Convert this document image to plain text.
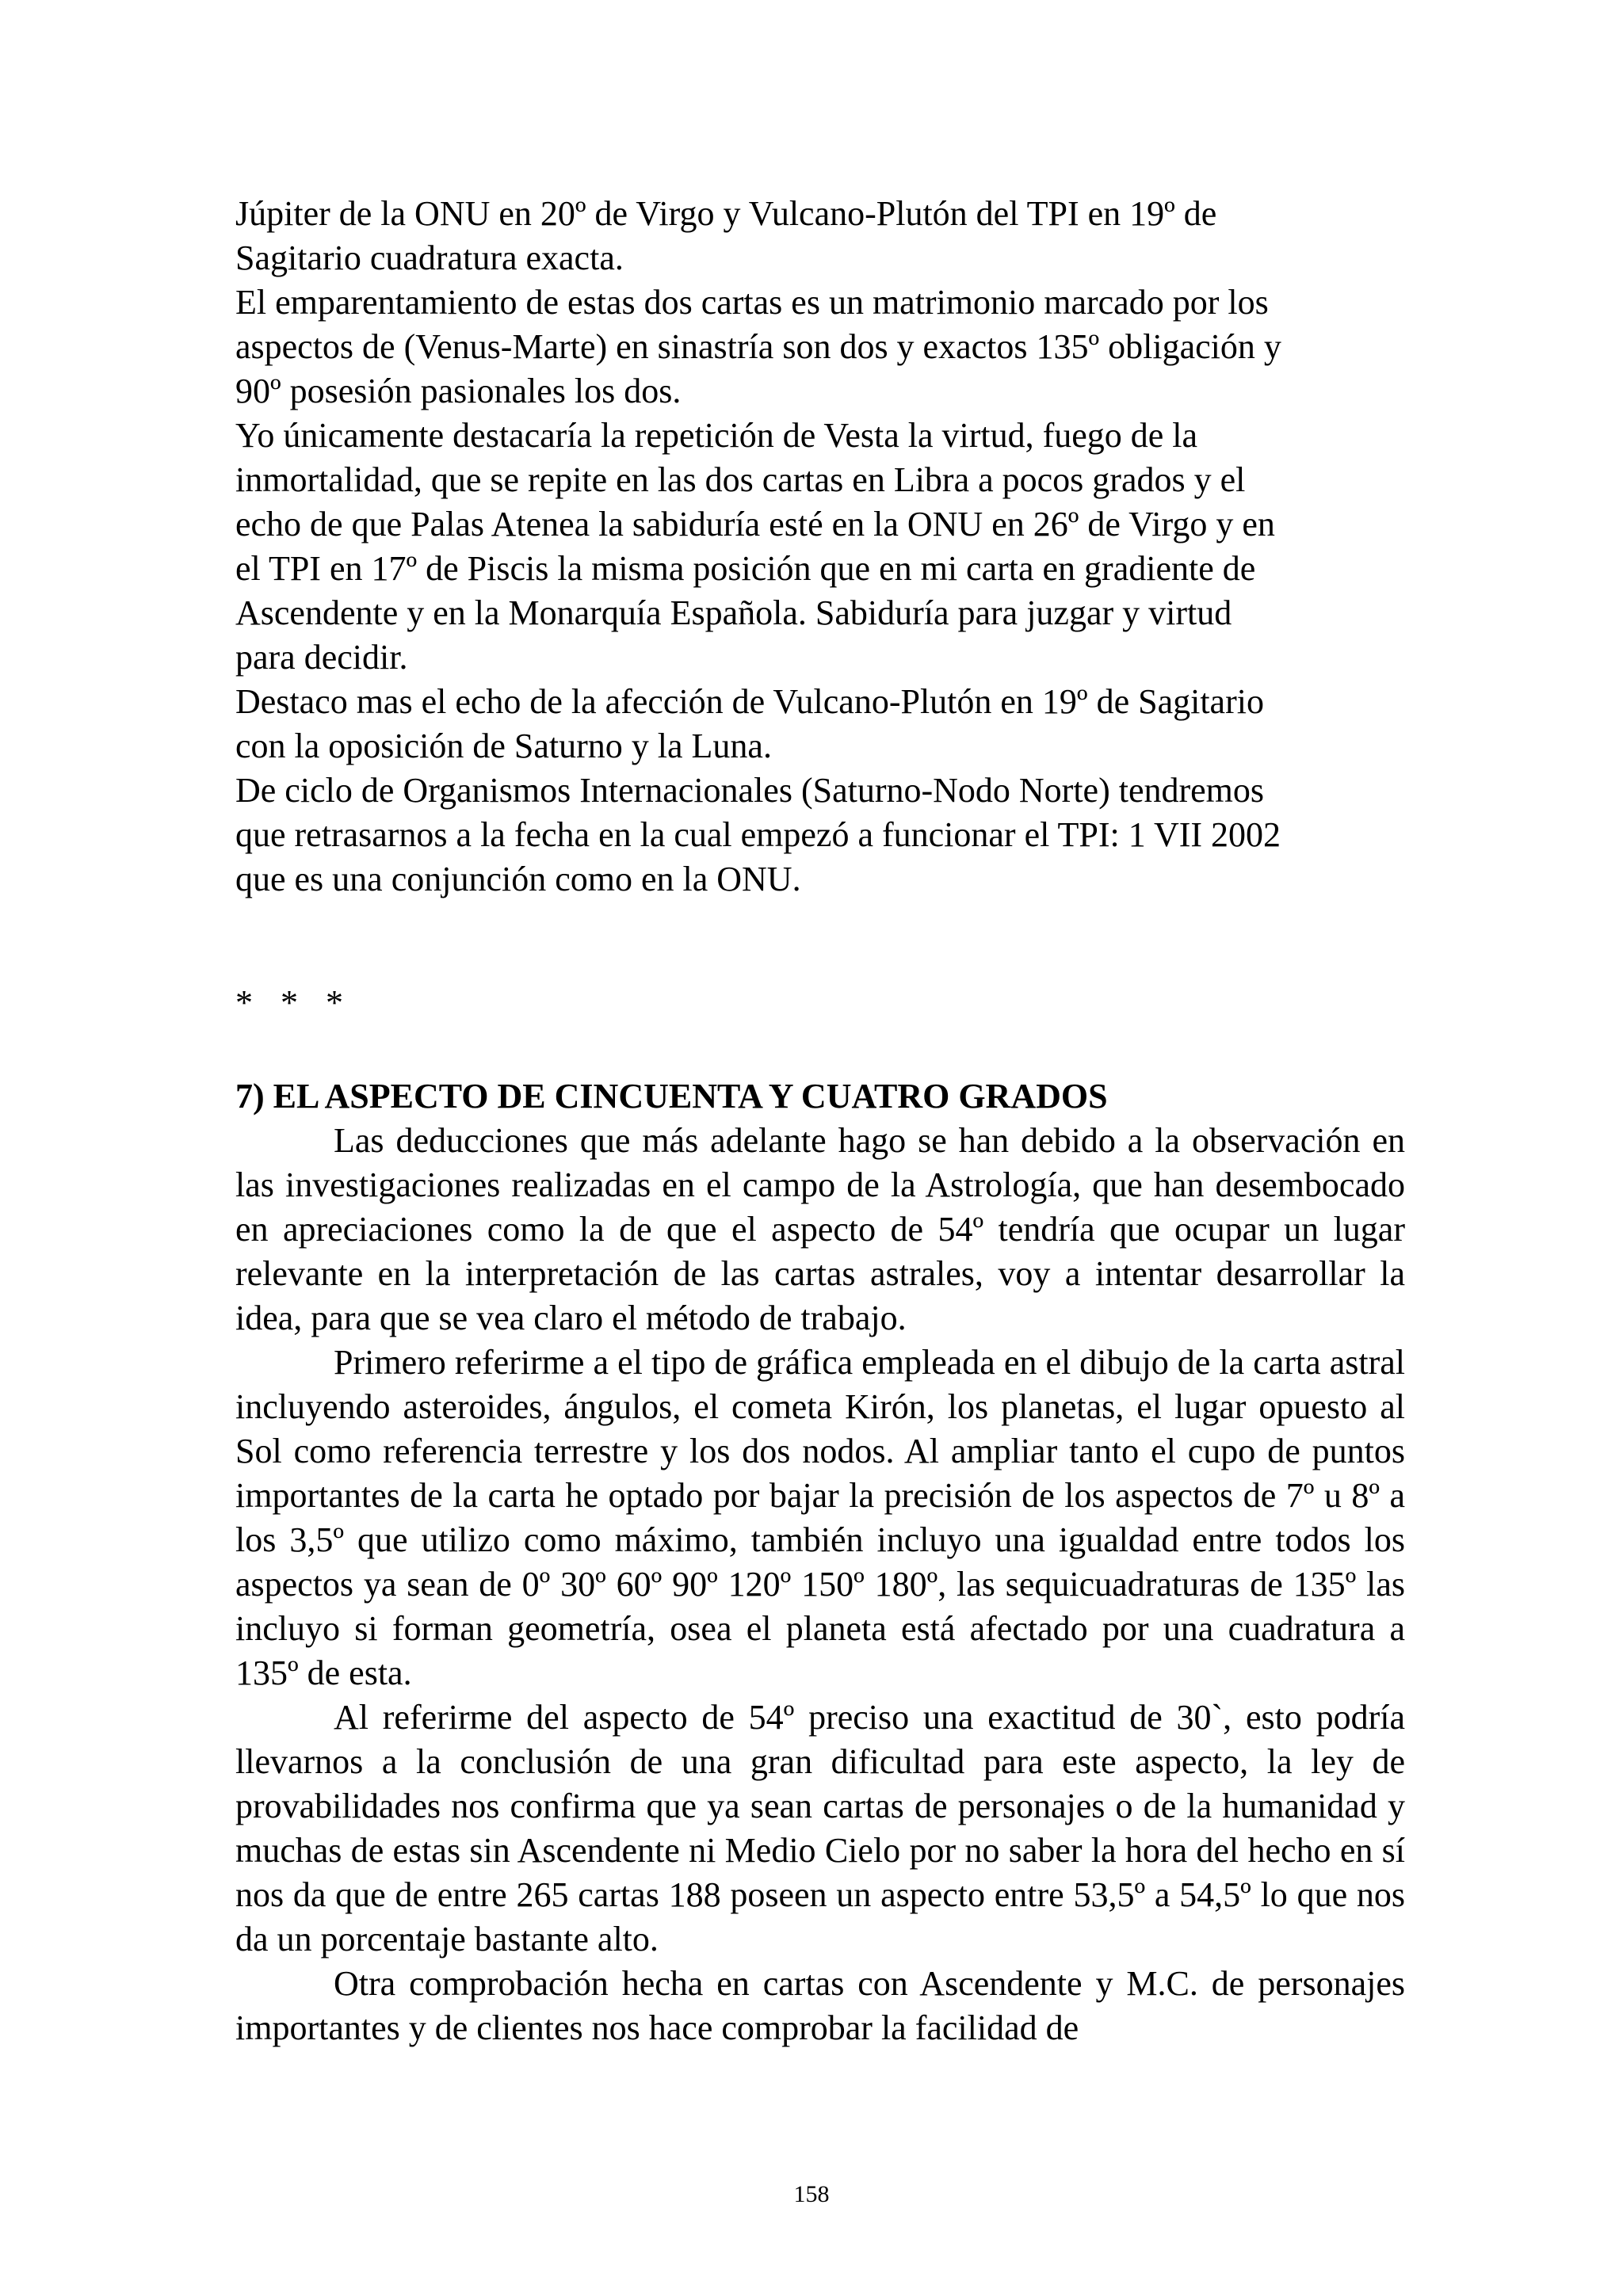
Júpiter de la ONU en 20º de Virgo y Vulcano-Plutón del TPI en 19º de

Sagitario cuadratura exacta.

El emparentamiento de estas dos cartas es un matrimonio marcado por los

aspectos de (Venus-Marte) en sinastría son dos y exactos 135º obligación y

90º posesión pasionales los dos.

Yo únicamente destacaría la repetición de Vesta la virtud, fuego de la

inmortalidad, que se repite en las dos cartas en Libra a pocos grados y el

echo de que Palas Atenea la sabiduría esté en la ONU en 26º de Virgo y en

el TPI en 17º de Piscis la misma posición que en mi carta en gradiente de

Ascendente y en la Monarquía Española. Sabiduría para juzgar y virtud

para decidir.

Destaco mas el echo de la afección de Vulcano-Plutón en 19º de Sagitario

con la oposición de Saturno y la Luna.

De ciclo de Organismos Internacionales (Saturno-Nodo Norte) tendremos

que retrasarnos a la fecha en la cual empezó a funcionar el TPI: 1 VII 2002

que es una conjunción como en la ONU.

* * *
7) EL ASPECTO DE CINCUENTA Y CUATRO GRADOS

Las deducciones que más adelante hago se han debido a la observación en las investigaciones realizadas en el campo de la Astrología, que han desembocado en apreciaciones como la de que el aspecto de 54º tendría que ocupar un lugar relevante en la interpretación de las cartas astrales, voy a intentar desarrollar la idea, para que se vea claro el método de trabajo.

Primero referirme a el tipo de gráfica empleada en el dibujo de la carta astral incluyendo asteroides, ángulos, el cometa Kirón, los planetas, el lugar opuesto al Sol como referencia terrestre y los dos nodos. Al ampliar tanto el cupo de puntos importantes de la carta he optado por bajar la precisión de los aspectos de 7º u 8º a los 3,5º que utilizo como máximo, también incluyo una igualdad entre todos los aspectos ya sean de 0º 30º 60º 90º 120º 150º 180º, las sequicuadraturas de 135º las incluyo si forman geometría, osea el planeta está afectado por una cuadratura a 135º de esta.

Al referirme del aspecto de 54º preciso una exactitud de 30`, esto podría llevarnos a la conclusión de una gran dificultad para este aspecto, la ley de provabilidades nos confirma que ya sean cartas de personajes o de la humanidad y muchas de estas sin Ascendente ni Medio Cielo por no saber la hora del hecho en sí nos da que de entre 265 cartas 188 poseen un aspecto entre 53,5º a 54,5º lo que nos da un porcentaje bastante alto.

Otra comprobación hecha en cartas con Ascendente y M.C. de personajes importantes y de clientes nos hace comprobar la facilidad de

158
